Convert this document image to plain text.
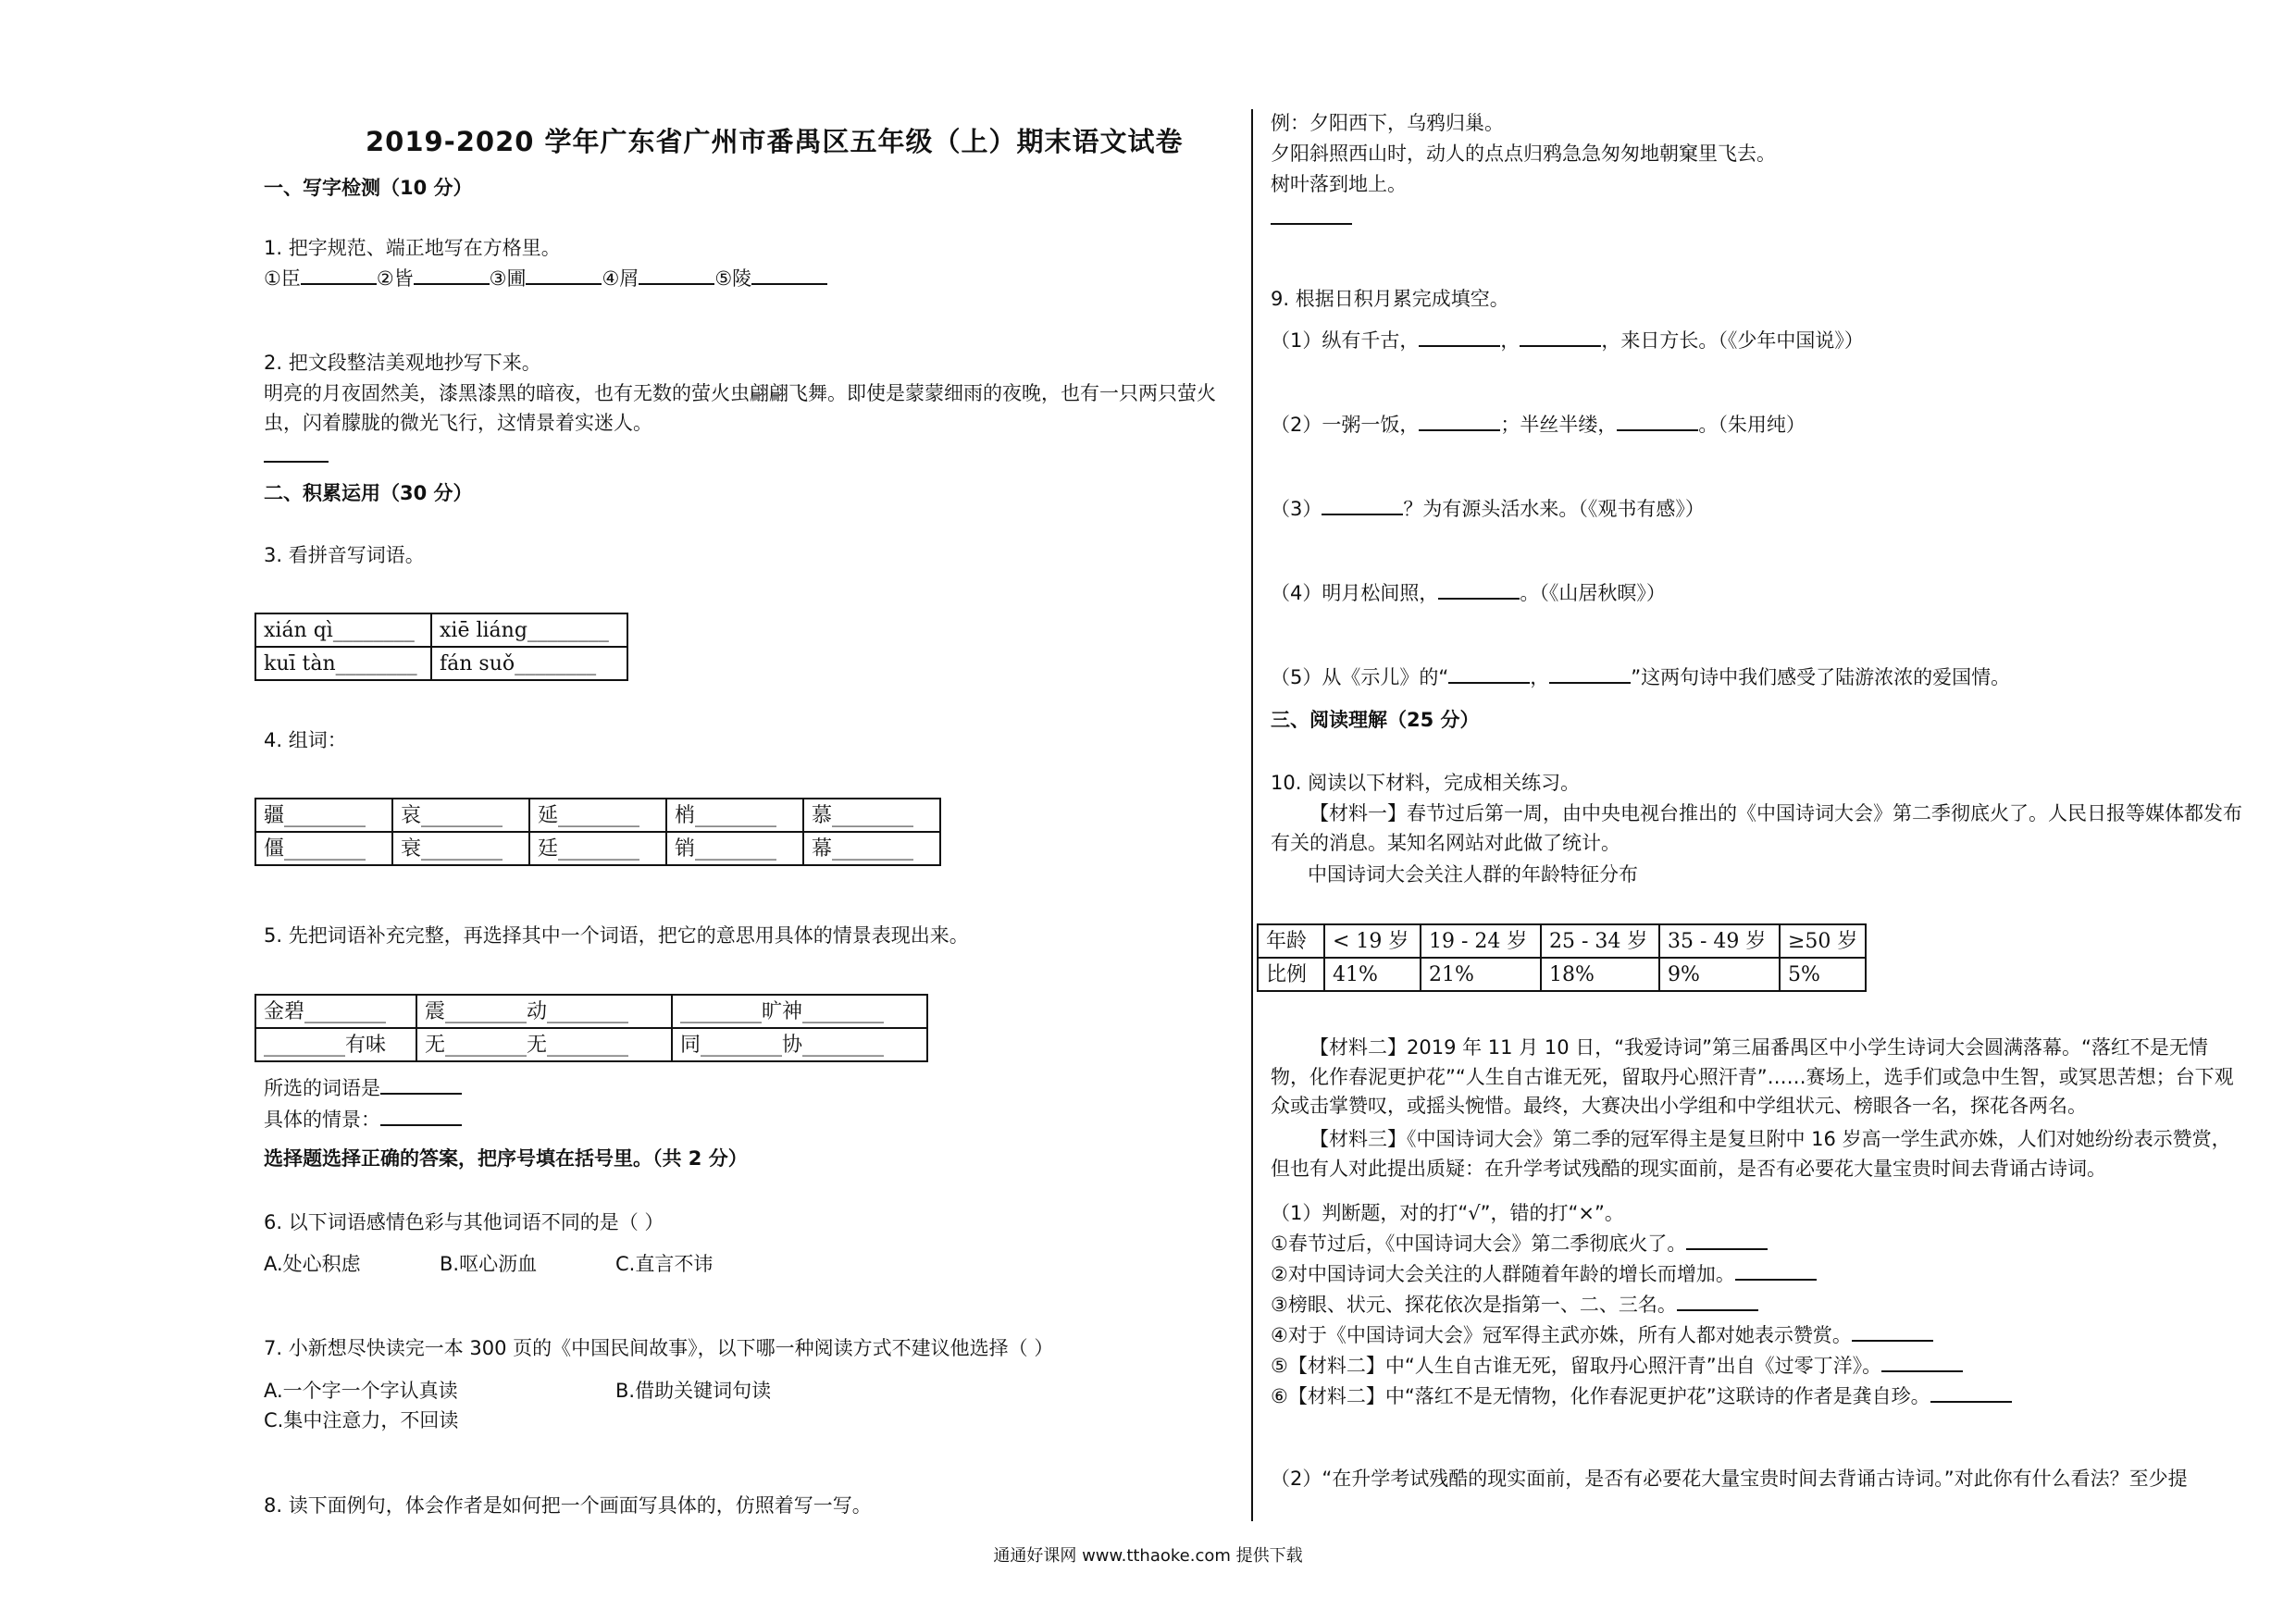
2019-2020 学年广东省广州市番禺区五年级（上）期末语文试卷
一、写字检测（10 分）
1. 把字规范、端正地写在方格里。
①臣	②皆	③圃	④屑	⑤陵
2. 把文段整洁美观地抄写下来。
明亮的月夜固然美，漆黑漆黑的暗夜，也有无数的萤火虫翩翩飞舞。即使是蒙蒙细雨的夜晚，也有一只两只萤火虫，闪着朦胧的微光飞行，这情景着实迷人。
二、积累运用（30 分）
3. 看拼音写词语。
xián qì________	xiē liáng________
kuī tàn________	fán suǒ________
4. 组词：
疆________	哀________	延________	梢________	慕________
僵________	衰________	廷________	销________	幕________
5. 先把词语补充完整，再选择其中一个词语，把它的意思用具体的情景表现出来。
金碧________	震________动________	________旷神________
________有味	无________无________	同________协________
所选的词语是
具体的情景：
选择题选择正确的答案，把序号填在括号里。（共 2 分）
6. 以下词语感情色彩与其他词语不同的是（ ）
A.处心积虑	B.呕心沥血	C.直言不讳
7. 小新想尽快读完一本 300 页的《中国民间故事》，以下哪一种阅读方式不建议他选择（ ）
A.一个字一个字认真读	B.借助关键词句读
C.集中注意力，不回读
8. 读下面例句，体会作者是如何把一个画面写具体的，仿照着写一写。
例：夕阳西下，乌鸦归巢。
夕阳斜照西山时，动人的点点归鸦急急匆匆地朝窠里飞去。
树叶落到地上。
9. 根据日积月累完成填空。
（1）纵有千古，	，	，来日方长。（《少年中国说》）
（2）一粥一饭，	；半丝半缕，	。（朱用纯）
（3）	？为有源头活水来。（《观书有感》）
（4）明月松间照，	。（《山居秋暝》）
（5）从《示儿》的“	，	”这两句诗中我们感受了陆游浓浓的爱国情。
三、阅读理解（25 分）
10. 阅读以下材料，完成相关练习。
【材料一】春节过后第一周，由中央电视台推出的《中国诗词大会》第二季彻底火了。人民日报等媒体都发布有关的消息。某知名网站对此做了统计。
中国诗词大会关注人群的年龄特征分布
年龄	< 19 岁	19 - 24 岁	25 - 34 岁	35 - 49 岁	≥50 岁
比例	41%	21%	18%	9%	5%
【材料二】2019 年 11 月 10 日，“我爱诗词”第三届番禺区中小学生诗词大会圆满落幕。“落红不是无情物，化作春泥更护花”“人生自古谁无死，留取丹心照汗青”……赛场上，选手们或急中生智，或冥思苦想；台下观众或击掌赞叹，或摇头惋惜。最终，大赛决出小学组和中学组状元、榜眼各一名，探花各两名。
【材料三】《中国诗词大会》第二季的冠军得主是复旦附中 16 岁高一学生武亦姝，人们对她纷纷表示赞赏，但也有人对此提出质疑：在升学考试残酷的现实面前，是否有必要花大量宝贵时间去背诵古诗词。
（1）判断题，对的打“√”，错的打“×”。
①春节过后，《中国诗词大会》第二季彻底火了。
②对中国诗词大会关注的人群随着年龄的增长而增加。
③榜眼、状元、探花依次是指第一、二、三名。
④对于《中国诗词大会》冠军得主武亦姝，所有人都对她表示赞赏。
⑤【材料二】中“人生自古谁无死，留取丹心照汗青”出自《过零丁洋》。
⑥【材料二】中“落红不是无情物，化作春泥更护花”这联诗的作者是龚自珍。
（2）“在升学考试残酷的现实面前，是否有必要花大量宝贵时间去背诵古诗词。”对此你有什么看法？至少提
通通好课网 www.tthaoke.com 提供下载
